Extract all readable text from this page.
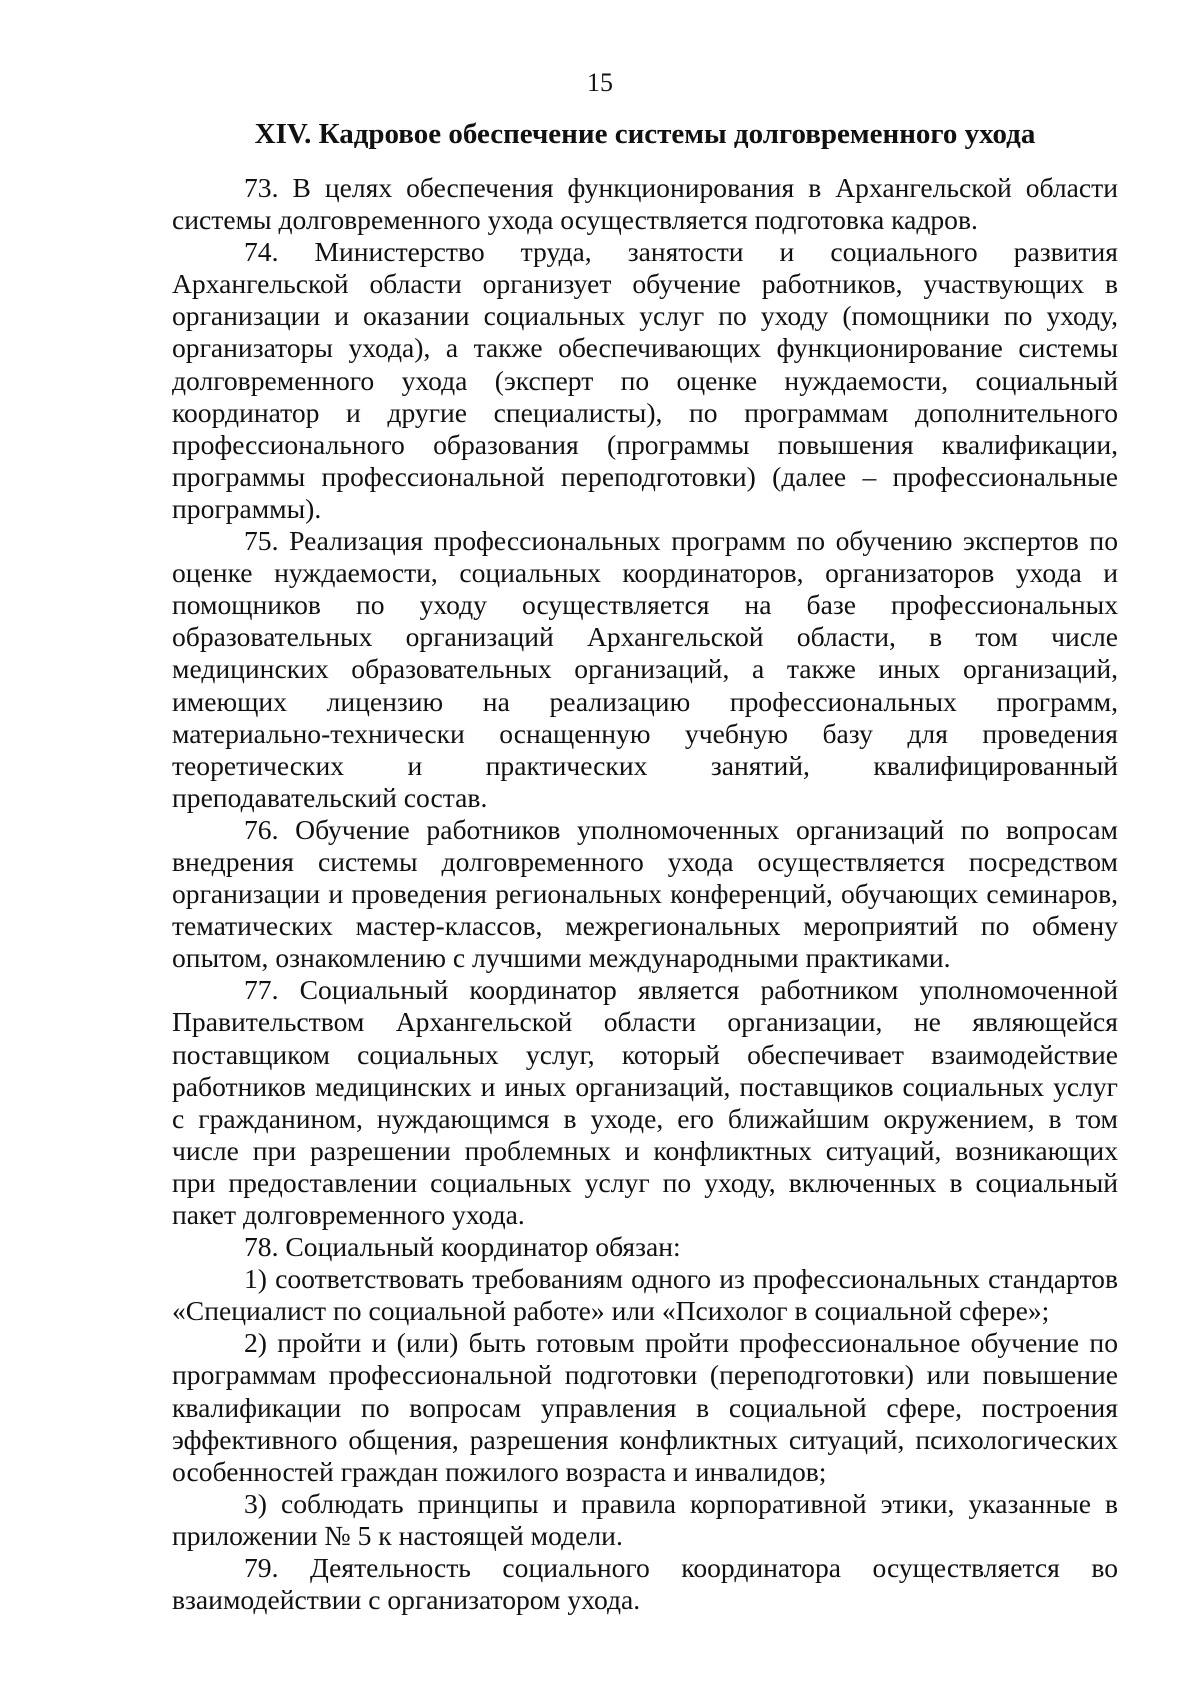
15
XIV. Кадровое обеспечение системы долговременного ухода

73. В целях обеспечения функционирования в Архангельской области системы долговременного ухода осуществляется подготовка кадров.

74. Министерство труда, занятости и социального развития Архангельской области организует обучение работников, участвующих в организации и оказании социальных услуг по уходу (помощники по уходу, организаторы ухода), а также обеспечивающих функционирование системы долговременного ухода (эксперт по оценке нуждаемости, социальный координатор и другие специалисты), по программам дополнительного профессионального образования (программы повышения квалификации, программы профессиональной переподготовки) (далее – профессиональные программы).

75. Реализация профессиональных программ по обучению экспертов по оценке нуждаемости, социальных координаторов, организаторов ухода и помощников по уходу осуществляется на базе профессиональных образовательных организаций Архангельской области, в том числе медицинских образовательных организаций, а также иных организаций, имеющих лицензию на реализацию профессиональных программ, материально-технически оснащенную учебную базу для проведения теоретических и практических занятий, квалифицированный преподавательский состав.

76. Обучение работников уполномоченных организаций по вопросам внедрения системы долговременного ухода осуществляется посредством организации и проведения региональных конференций, обучающих семинаров, тематических мастер-классов, межрегиональных мероприятий по обмену опытом, ознакомлению с лучшими международными практиками.

77. Социальный координатор является работником уполномоченной Правительством Архангельской области организации, не являющейся поставщиком социальных услуг, который обеспечивает взаимодействие работников медицинских и иных организаций, поставщиков социальных услуг с гражданином, нуждающимся в уходе, его ближайшим окружением, в том числе при разрешении проблемных и конфликтных ситуаций, возникающих при предоставлении социальных услуг по уходу, включенных в социальный пакет долговременного ухода.

78. Социальный координатор обязан:

1) соответствовать требованиям одного из профессиональных стандартов «Специалист по социальной работе» или «Психолог в социальной сфере»;

2) пройти и (или) быть готовым пройти профессиональное обучение по программам профессиональной подготовки (переподготовки) или повышение квалификации по вопросам управления в социальной сфере, построения эффективного общения, разрешения конфликтных ситуаций, психологических особенностей граждан пожилого возраста и инвалидов;

3) соблюдать принципы и правила корпоративной этики, указанные в приложении № 5 к настоящей модели.

79. Деятельность социального координатора осуществляется во взаимодействии с организатором ухода.
